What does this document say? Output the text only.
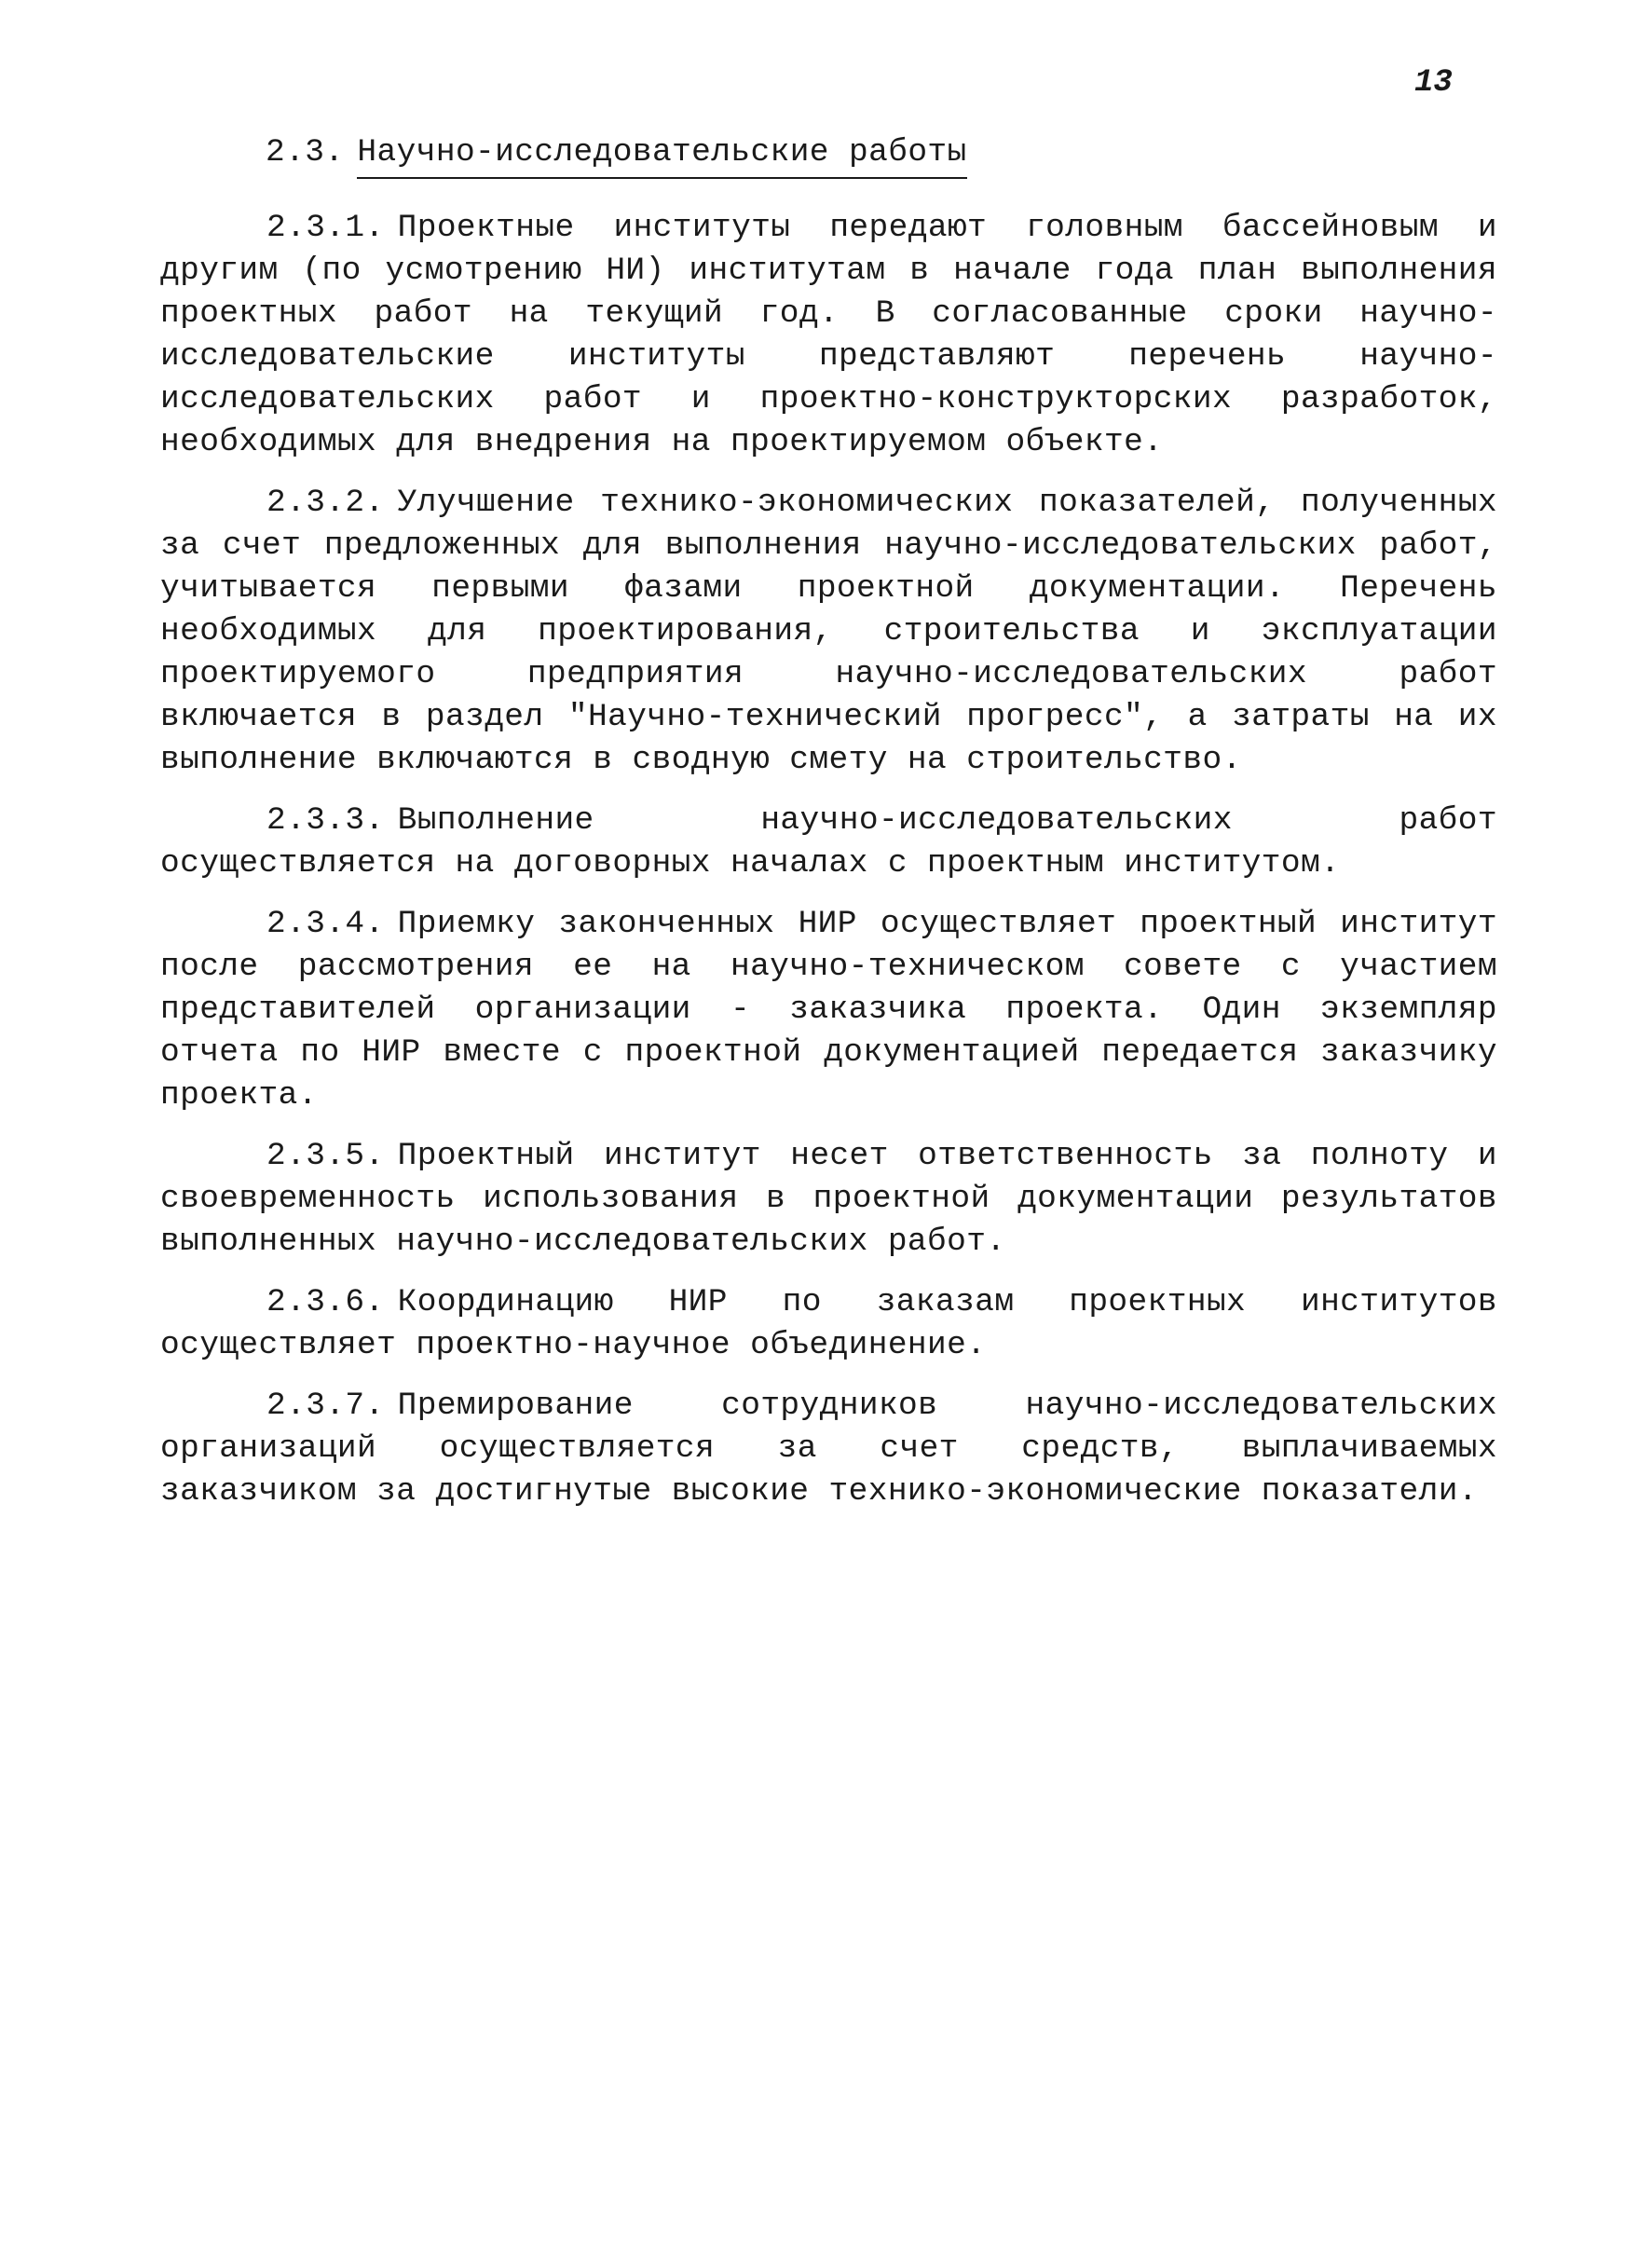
13
2.3. Научно-исследовательские работы

2.3.1. Проектные институты передают головным бассейновым и другим (по усмотрению НИ) институтам в начале года план выполнения проектных работ на текущий год. В согласованные сроки научно-исследовательские институты представляют перечень научно-исследовательских работ и проектно-конструкторских разработок, необходимых для внедрения на проектируемом объекте.

2.3.2. Улучшение технико-экономических показателей, полученных за счет предложенных для выполнения научно-исследовательских работ, учитывается первыми фазами проектной документации. Перечень необходимых для проектирования, строительства и эксплуатации проектируемого предприятия научно-исследовательских работ включается в раздел "Научно-технический прогресс", а затраты на их выполнение включаются в сводную смету на строительство.

2.3.3. Выполнение научно-исследовательских работ осуществляется на договорных началах с проектным институтом.

2.3.4. Приемку законченных НИР осуществляет проектный институт после рассмотрения ее на научно-техническом совете с участием представителей организации - заказчика проекта. Один экземпляр отчета по НИР вместе с проектной документацией передается заказчику проекта.

2.3.5. Проектный институт несет ответственность за полноту и своевременность использования в проектной документации результатов выполненных научно-исследовательских работ.

2.3.6. Координацию НИР по заказам проектных институтов осуществляет проектно-научное объединение.

2.3.7. Премирование сотрудников научно-исследовательских организаций осуществляется за счет средств, выплачиваемых заказчиком за достигнутые высокие технико-экономические показатели.
